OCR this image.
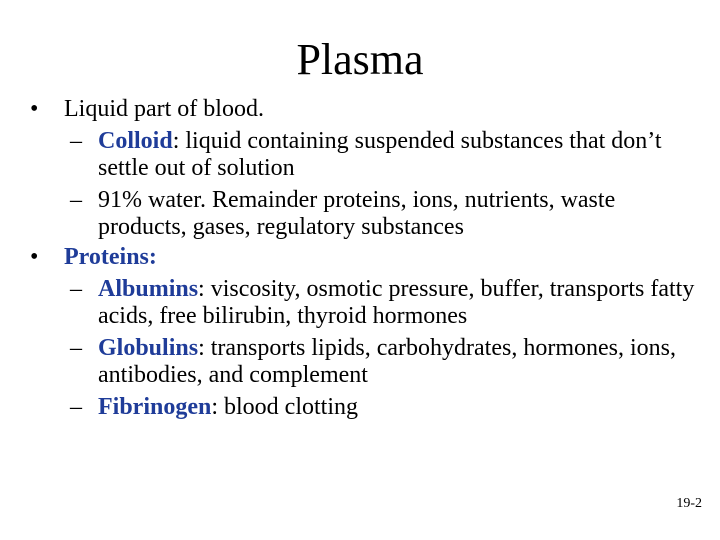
Plasma
• Liquid part of blood.
– Colloid: liquid containing suspended substances that don’t settle out of solution
– 91% water. Remainder proteins, ions, nutrients, waste products, gases, regulatory substances
• Proteins:
– Albumins: viscosity, osmotic pressure, buffer, transports fatty acids, free bilirubin, thyroid hormones
– Globulins: transports lipids, carbohydrates, hormones, ions, antibodies, and complement
– Fibrinogen: blood clotting
19-2
